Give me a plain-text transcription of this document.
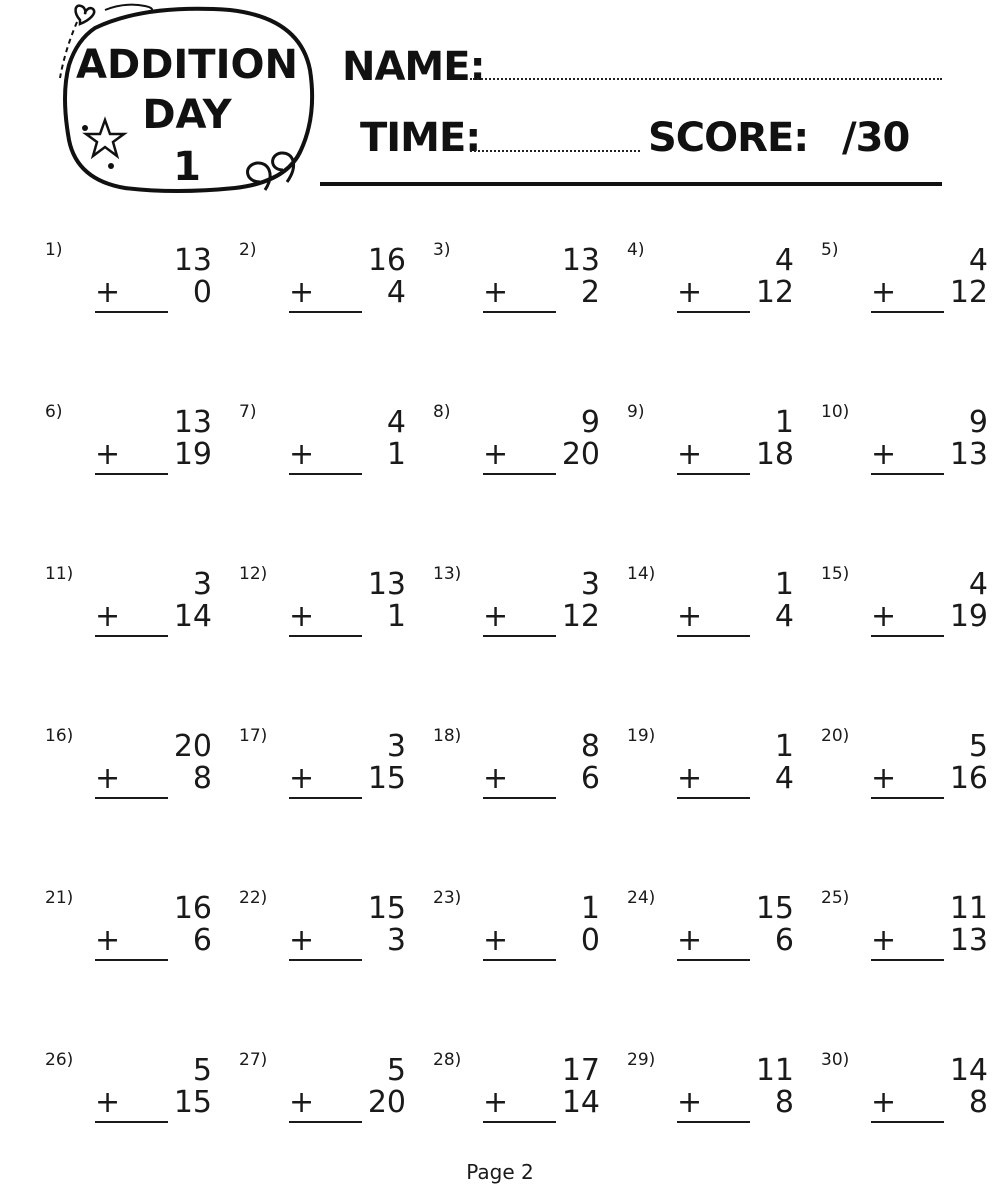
ADDITION
DAY
1
NAME:
TIME:	SCORE: /30
1)	13
+ 0
2)	16
+ 4
3)	13
+ 2
4)	4
+ 12
5)	4
+ 12
6)	13
+ 19
7)	4
+ 1
8)	9
+ 20
9)	1
+ 18
10)	9
+ 13
11)	3
+ 14
12)	13
+ 1
13)	3
+ 12
14)	1
+ 4
15)	4
+ 19
16)	20
+ 8
17)	3
+ 15
18)	8
+ 6
19)	1
+ 4
20)	5
+ 16
21)	16
+ 6
22)	15
+ 3
23)	1
+ 0
24)	15
+ 6
25)	11
+ 13
26)	5
+ 15
27)	5
+ 20
28)	17
+ 14
29)	11
+ 8
30)	14
+ 8
Page 2
